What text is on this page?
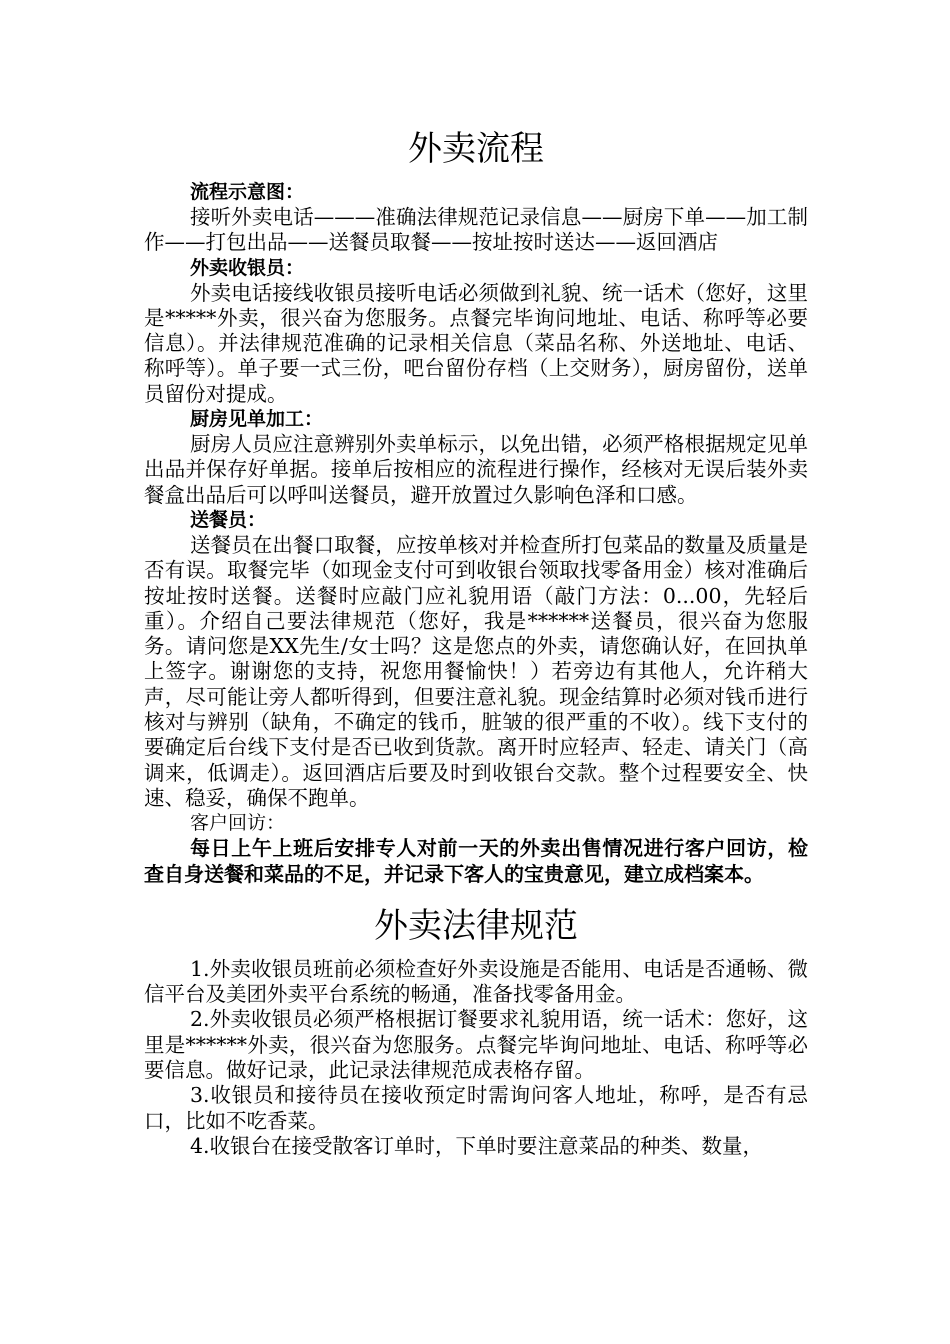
外卖流程

流程示意图：

接听外卖电话———准确法律规范记录信息——厨房下单——加工制作——打包出品——送餐员取餐——按址按时送达——返回酒店

外卖收银员：

外卖电话接线收银员接听电话必须做到礼貌、统一话术（您好，这里是*****外卖，很兴奋为您服务。点餐完毕询问地址、电话、称呼等必要信息）。并法律规范准确的记录相关信息（菜品名称、外送地址、电话、称呼等）。单子要一式三份，吧台留份存档（上交财务），厨房留份，送单员留份对提成。

厨房见单加工：

厨房人员应注意辨别外卖单标示，以免出错，必须严格根据规定见单出品并保存好单据。接单后按相应的流程进行操作，经核对无误后装外卖餐盒出品后可以呼叫送餐员，避开放置过久影响色泽和口感。

送餐员：

送餐员在出餐口取餐，应按单核对并检查所打包菜品的数量及质量是否有误。取餐完毕（如现金支付可到收银台领取找零备用金）核对准确后按址按时送餐。送餐时应敲门应礼貌用语（敲门方法：0...00，先轻后重）。介绍自己要法律规范（您好，我是******送餐员，很兴奋为您服务。请问您是XX先生/女士吗？这是您点的外卖，请您确认好，在回执单上签字。谢谢您的支持，祝您用餐愉快！）若旁边有其他人，允许稍大声，尽可能让旁人都听得到，但要注意礼貌。现金结算时必须对钱币进行核对与辨别（缺角，不确定的钱币，脏皱的很严重的不收）。线下支付的要确定后台线下支付是否已收到货款。离开时应轻声、轻走、请关门（高调来，低调走）。返回酒店后要及时到收银台交款。整个过程要安全、快速、稳妥，确保不跑单。

客户回访：

每日上午上班后安排专人对前一天的外卖出售情况进行客户回访，检查自身送餐和菜品的不足，并记录下客人的宝贵意见，建立成档案本。

外卖法律规范

1.外卖收银员班前必须检查好外卖设施是否能用、电话是否通畅、微信平台及美团外卖平台系统的畅通，准备找零备用金。

2.外卖收银员必须严格根据订餐要求礼貌用语，统一话术：您好，这里是******外卖，很兴奋为您服务。点餐完毕询问地址、电话、称呼等必要信息。做好记录，此记录法律规范成表格存留。

3.收银员和接待员在接收预定时需询问客人地址，称呼，是否有忌口，比如不吃香菜。

4.收银台在接受散客订单时，下单时要注意菜品的种类、数量，
